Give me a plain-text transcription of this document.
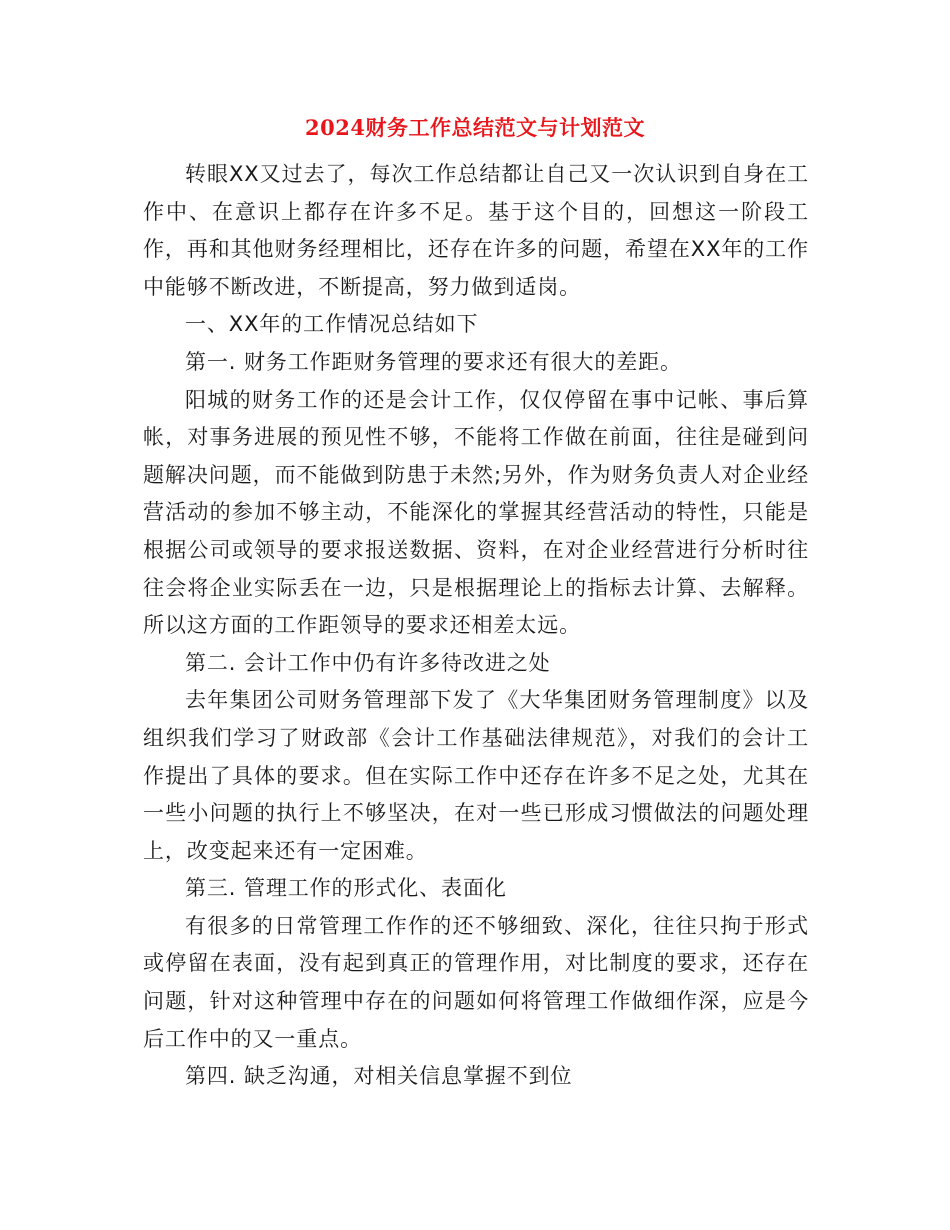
2024财务工作总结范文与计划范文

转眼XX又过去了，每次工作总结都让自己又一次认识到自身在工作中、在意识上都存在许多不足。基于这个目的，回想这一阶段工作，再和其他财务经理相比，还存在许多的问题，希望在XX年的工作中能够不断改进，不断提高，努力做到适岗。

一、XX年的工作情况总结如下

第一. 财务工作距财务管理的要求还有很大的差距。

阳城的财务工作的还是会计工作，仅仅停留在事中记帐、事后算帐，对事务进展的预见性不够，不能将工作做在前面，往往是碰到问题解决问题，而不能做到防患于未然;另外，作为财务负责人对企业经营活动的参加不够主动，不能深化的掌握其经营活动的特性，只能是根据公司或领导的要求报送数据、资料，在对企业经营进行分析时往往会将企业实际丢在一边，只是根据理论上的指标去计算、去解释。所以这方面的工作距领导的要求还相差太远。

第二. 会计工作中仍有许多待改进之处

去年集团公司财务管理部下发了《大华集团财务管理制度》以及组织我们学习了财政部《会计工作基础法律规范》，对我们的会计工作提出了具体的要求。但在实际工作中还存在许多不足之处，尤其在一些小问题的执行上不够坚决，在对一些已形成习惯做法的问题处理上，改变起来还有一定困难。

第三. 管理工作的形式化、表面化

有很多的日常管理工作作的还不够细致、深化，往往只拘于形式或停留在表面，没有起到真正的管理作用，对比制度的要求，还存在问题，针对这种管理中存在的问题如何将管理工作做细作深，应是今后工作中的又一重点。

第四. 缺乏沟通，对相关信息掌握不到位
